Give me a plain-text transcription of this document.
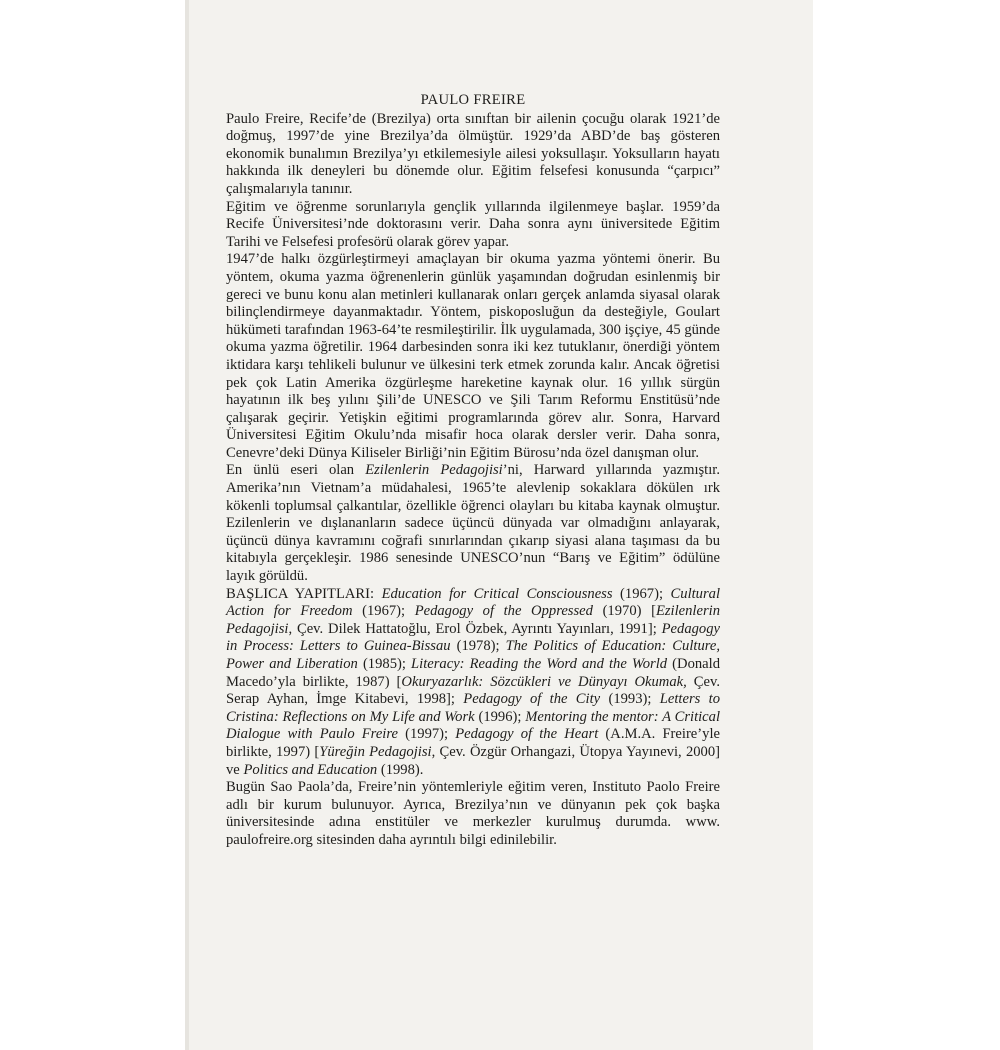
PAULO FREIRE

Paulo Freire, Recife’de (Brezilya) orta sınıftan bir ailenin çocuğu olarak 1921’de doğmuş, 1997’de yine Brezilya’da ölmüştür. 1929’da ABD’de baş gösteren ekonomik bunalımın Brezilya’yı etkilemesiyle ailesi yoksullaşır. Yoksulların hayatı hakkında ilk deneyleri bu dönemde olur. Eğitim felsefesi konusunda “çarpıcı” çalışmalarıyla tanınır.

Eğitim ve öğrenme sorunlarıyla gençlik yıllarında ilgilenmeye başlar. 1959’da Recife Üniversitesi’nde doktorasını verir. Daha sonra aynı üniversitede Eğitim Tarihi ve Felsefesi profesörü olarak görev yapar.

1947’de halkı özgürleştirmeyi amaçlayan bir okuma yazma yöntemi önerir. Bu yöntem, okuma yazma öğrenenlerin günlük yaşamından doğrudan esinlenmiş bir gereci ve bunu konu alan metinleri kullanarak onları gerçek anlamda siyasal olarak bilinçlendirmeye dayanmaktadır. Yöntem, piskoposluğun da desteğiyle, Goulart hükümeti tarafından 1963-64’te resmileştirilir. İlk uygulamada, 300 işçiye, 45 günde okuma yazma öğretilir. 1964 darbesinden sonra iki kez tutuklanır, önerdiği yöntem iktidara karşı tehlikeli bulunur ve ülkesini terk etmek zorunda kalır. Ancak öğretisi pek çok Latin Amerika özgürleşme hareketine kaynak olur. 16 yıllık sürgün hayatının ilk beş yılını Şili’de UNESCO ve Şili Tarım Reformu Enstitüsü’nde çalışarak geçirir. Yetişkin eğitimi programlarında görev alır. Sonra, Harvard Üniversitesi Eğitim Okulu’nda misafir hoca olarak dersler verir. Daha sonra, Cenevre’deki Dünya Kiliseler Birliği’nin Eğitim Bürosu’nda özel danışman olur.

En ünlü eseri olan Ezilenlerin Pedagojisi’ni, Harward yıllarında yazmıştır. Amerika’nın Vietnam’a müdahalesi, 1965’te alevlenip sokaklara dökülen ırk kökenli toplumsal çalkantılar, özellikle öğrenci olayları bu kitaba kaynak olmuştur. Ezilenlerin ve dışlananların sadece üçüncü dünyada var olmadığını anlayarak, üçüncü dünya kavramını coğrafi sınırlarından çıkarıp siyasi alana taşıması da bu kitabıyla gerçekleşir. 1986 senesinde UNESCO’nun “Barış ve Eğitim” ödülüne layık görüldü.

BAŞLICA YAPITLARI: Education for Critical Consciousness (1967); Cultural Action for Freedom (1967); Pedagogy of the Oppressed (1970) [Ezilenlerin Pedagojisi, Çev. Dilek Hattatoğlu, Erol Özbek, Ayrıntı Yayınları, 1991]; Pedagogy in Process: Letters to Guinea-Bissau (1978); The Politics of Education: Culture, Power and Liberation (1985); Literacy: Reading the Word and the World (Donald Macedo’yla birlikte, 1987) [Okuryazarlık: Sözcükleri ve Dünyayı Okumak, Çev. Serap Ayhan, İmge Kitabevi, 1998]; Pedagogy of the City (1993); Letters to Cristina: Reflections on My Life and Work (1996); Mentoring the mentor: A Critical Dialogue with Paulo Freire (1997); Pedagogy of the Heart (A.M.A. Freire’yle birlikte, 1997) [Yüreğin Pedagojisi, Çev. Özgür Orhangazi, Ütopya Yayınevi, 2000] ve Politics and Education (1998).

Bugün Sao Paola’da, Freire’nin yöntemleriyle eğitim veren, Instituto Paolo Freire adlı bir kurum bulunuyor. Ayrıca, Brezilya’nın ve dünyanın pek çok başka üniversitesinde adına enstitüler ve merkezler kurulmuş durumda. www. paulofreire.org sitesinden daha ayrıntılı bilgi edinilebilir.
